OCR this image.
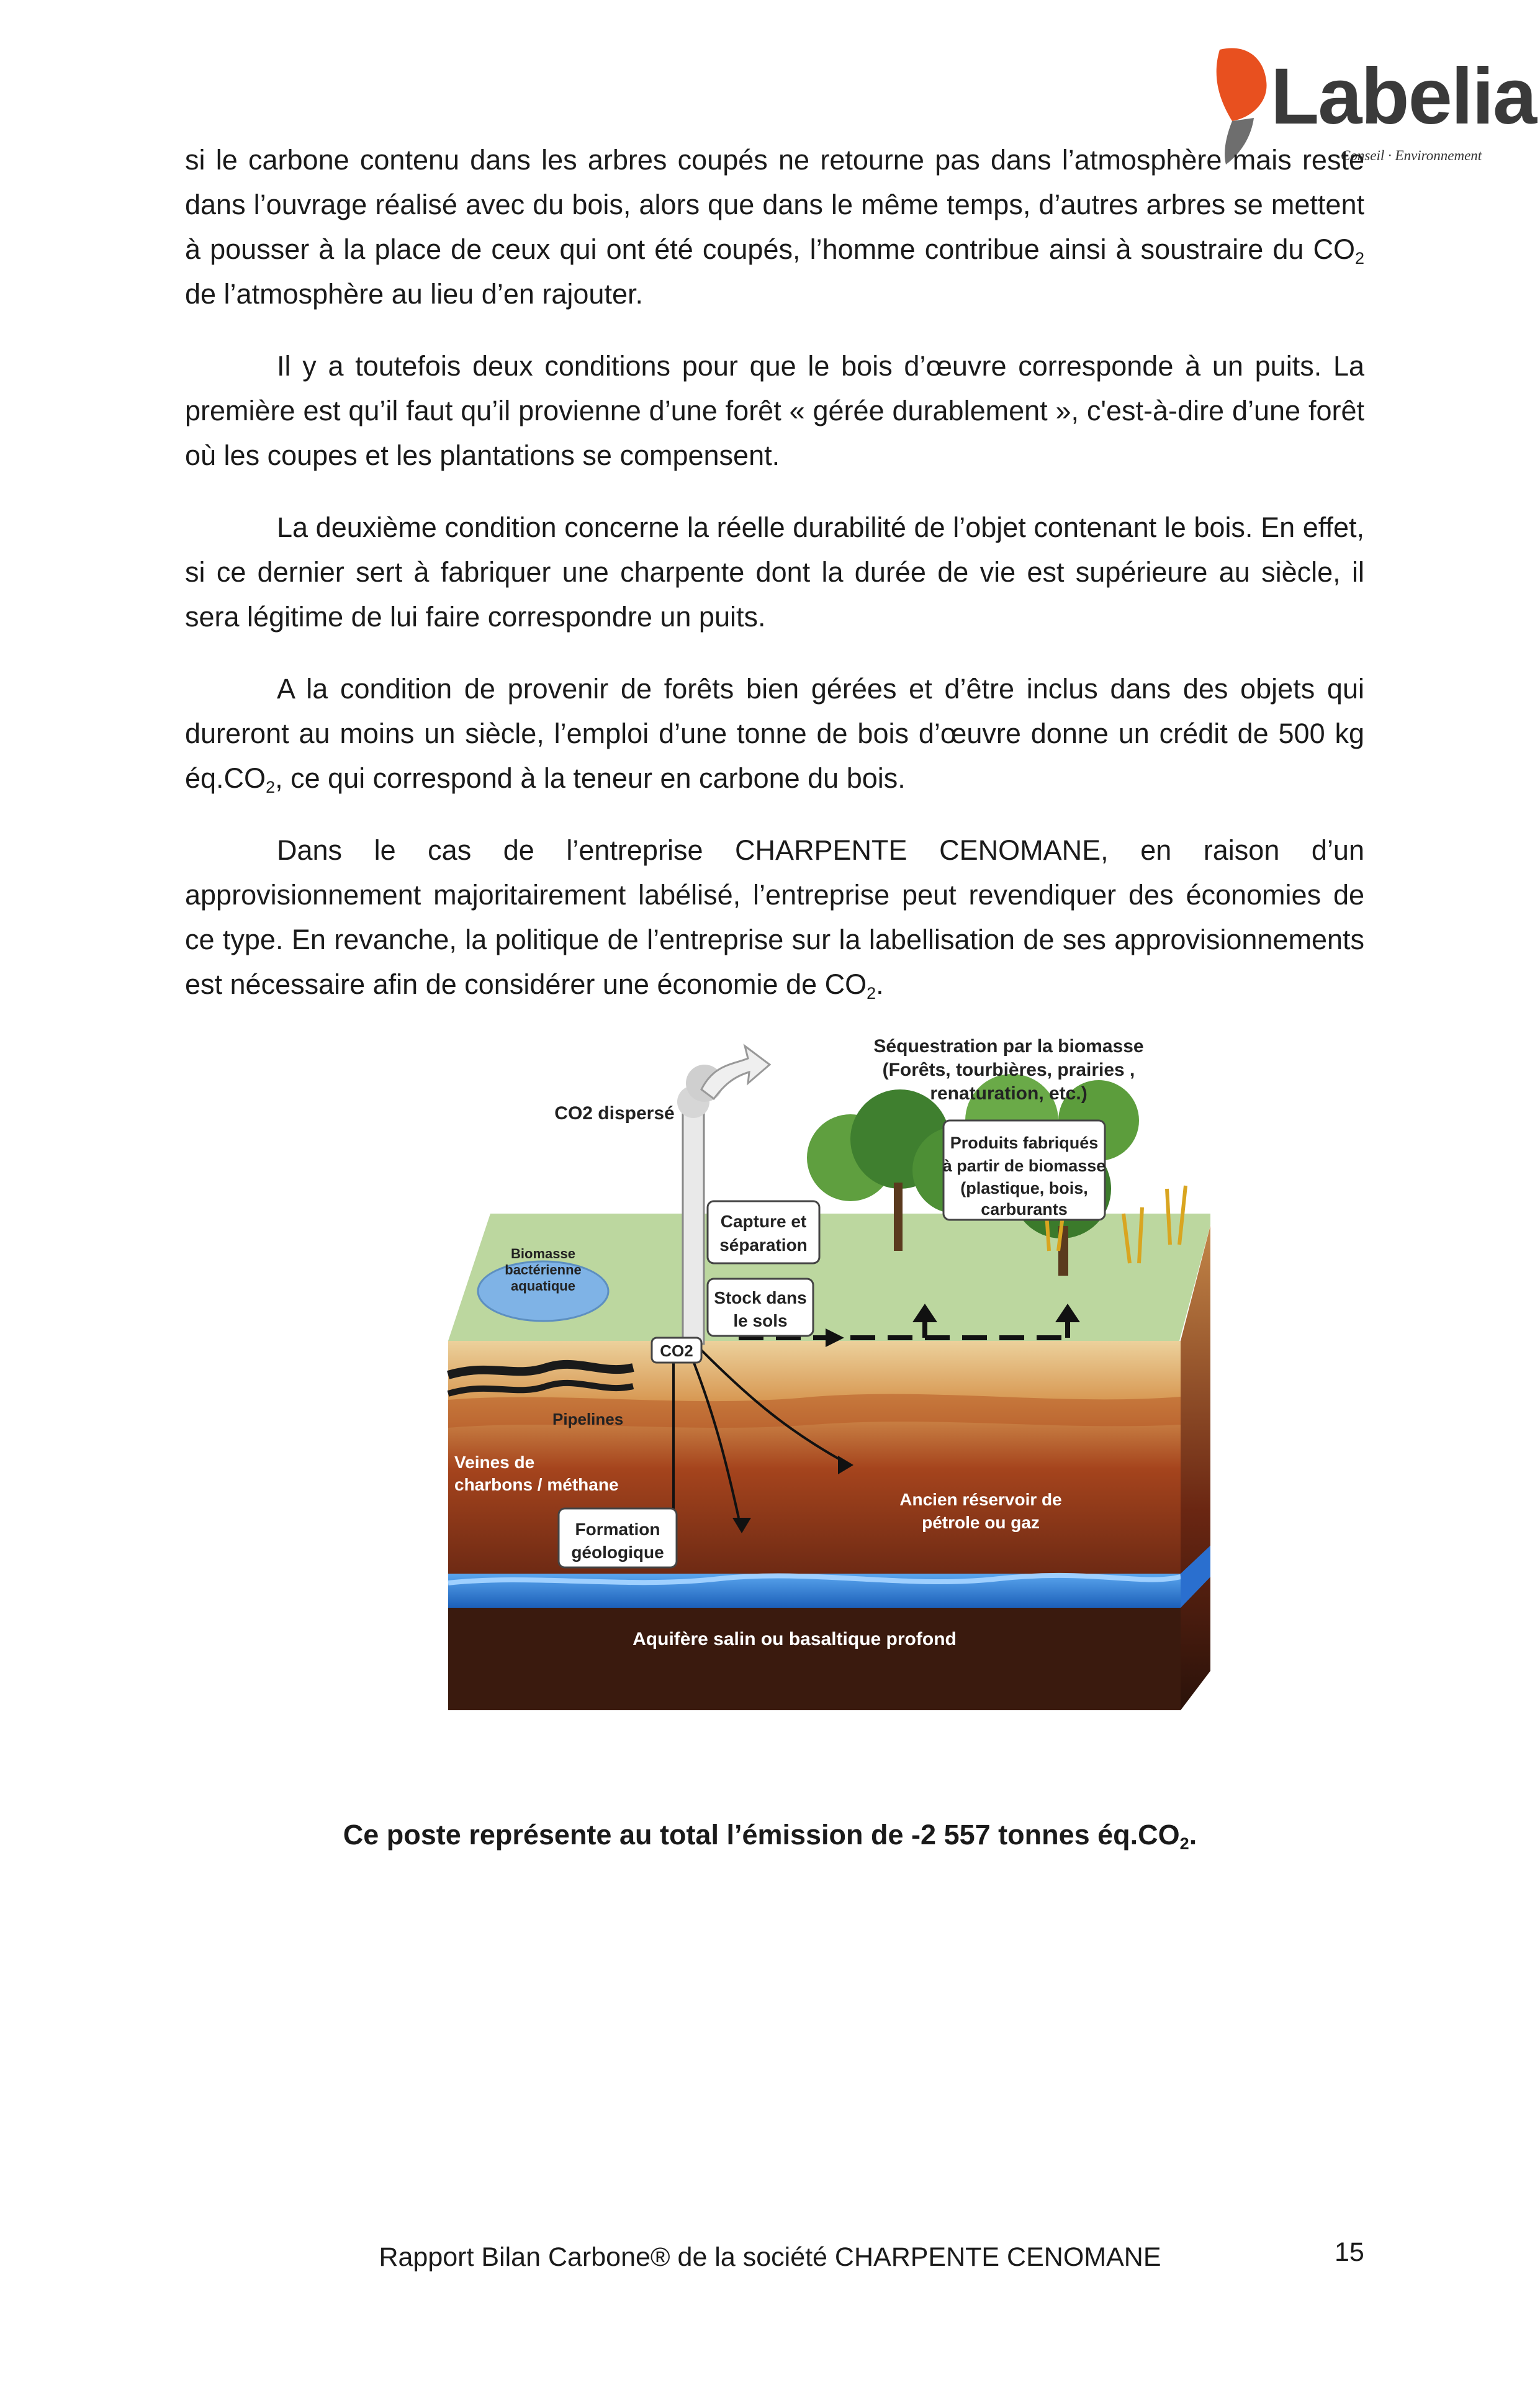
Labelia
Conseil · Environnement

si le carbone contenu dans les arbres coupés ne retourne pas dans l’atmosphère mais reste dans l’ouvrage réalisé avec du bois, alors que dans le même temps, d’autres arbres se mettent à pousser à la place de ceux qui ont été coupés, l’homme contribue ainsi à soustraire du $CO_2$ de l’atmosphère au lieu d’en rajouter.

Il y a toutefois deux conditions pour que le bois d’œuvre corresponde à un puits. La première est qu’il faut qu’il provienne d’une forêt « gérée durablement », c'est-à-dire d’une forêt où les coupes et les plantations se compensent.

La deuxième condition concerne la réelle durabilité de l’objet contenant le bois. En effet, si ce dernier sert à fabriquer une charpente dont la durée de vie est supérieure au siècle, il sera légitime de lui faire correspondre un puits.

A la condition de provenir de forêts bien gérées et d’être inclus dans des objets qui dureront au moins un siècle, l’emploi d’une tonne de bois d’œuvre donne un crédit de 500 kg $éq.CO_2$, ce qui correspond à la teneur en carbone du bois.

Dans le cas de l’entreprise CHARPENTE CENOMANE, en raison d’un approvisionnement majoritairement labélisé, l’entreprise peut revendiquer des économies de ce type. En revanche, la politique de l’entreprise sur la labellisation de ses approvisionnements est nécessaire afin de considérer une économie de $CO_2$.

Séquestration par la biomasse
(Forêts, tourbières, prairies ,
renaturation, etc.)
CO2 dispersé
Produits fabriqués
à partir de biomasse
(plastique, bois,
carburants
Capture et
séparation
Biomasse
bactérienne
aquatique
Stock dans
le sols
CO2
Pipelines
Veines de
charbons / méthane
Formation
géologique
Ancien réservoir de
pétrole ou gaz
Aquifère salin ou basaltique profond
Ce poste représente au total l’émission de -2 557 tonnes $éq.CO_2$.
Rapport Bilan Carbone® de la société CHARPENTE CENOMANE	15
